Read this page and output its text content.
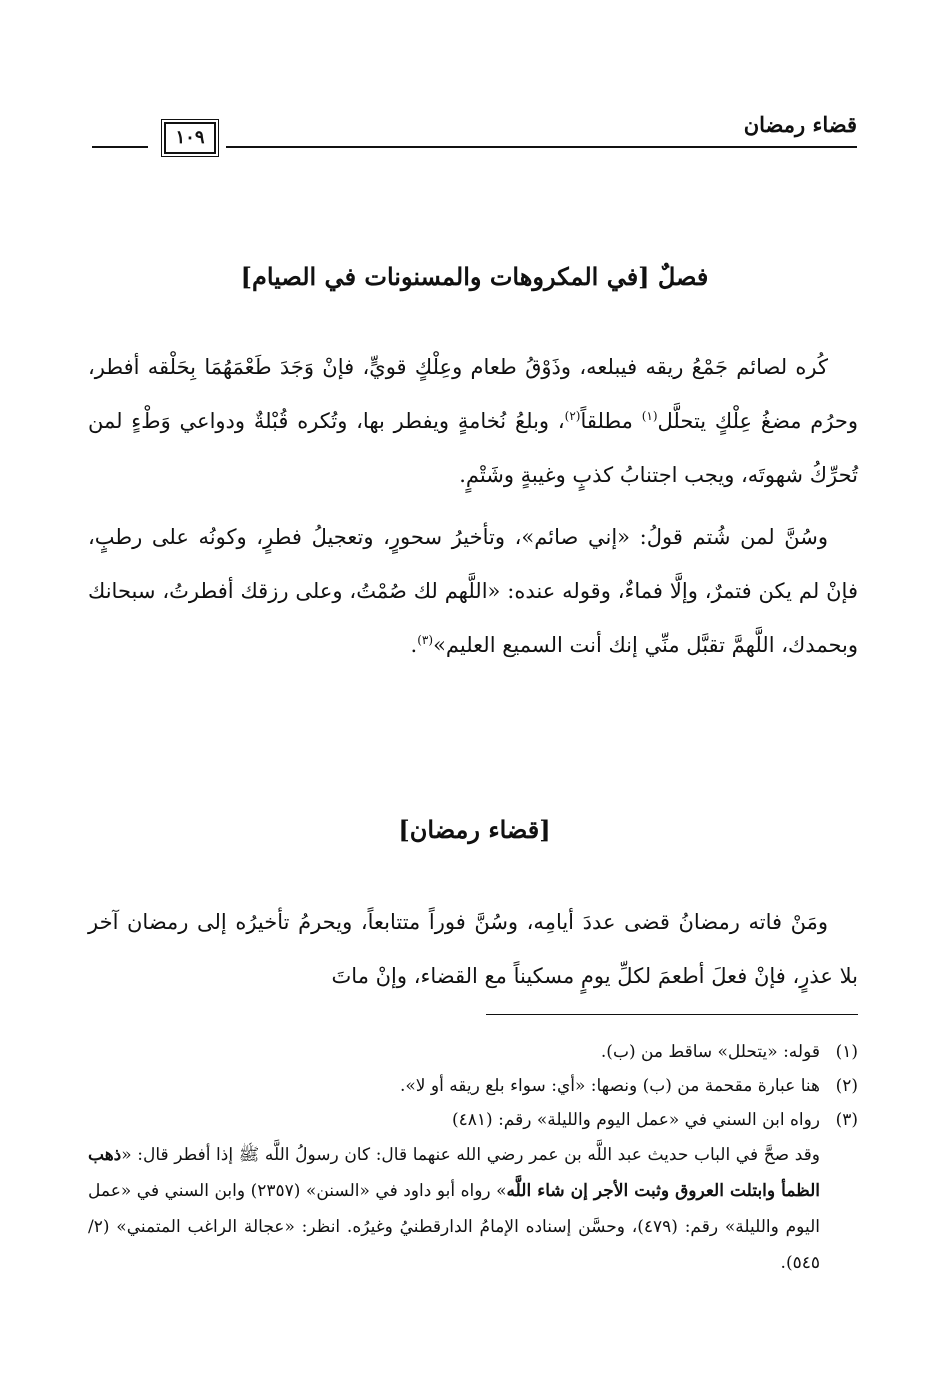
قضاء رمضان
١٠٩
فصلٌ [في المكروهات والمسنونات في الصيام]

كُره لصائم جَمْعُ ريقه فيبلعه، وذَوْقُ طعام وعِلْكٍ قويٍّ، فإنْ وَجَدَ طَعْمَهُمَا بِحَلْقه أفطر، وحرُم مضغُ عِلْكٍ يتحلَّل$^{(١)}$ مطلقاً$^{(٢)}$، وبلعُ نُخامةٍ ويفطر بها، وتُكره قُبْلةٌ ودواعي وَطْءٍ لمن تُحرِّكُ شهوتَه، ويجب اجتنابُ كذبٍ وغيبةٍ وشَتْمٍ.

وسُنَّ لمن شُتم قولُ: «إني صائم»، وتأخيرُ سحورٍ، وتعجيلُ فطرٍ، وكونُه على رطبٍ، فإنْ لم يكن فتمرٌ، وإلَّا فماءٌ، وقوله عنده: «اللَّهم لك صُمْتُ، وعلى رزقك أفطرتُ، سبحانك وبحمدك، اللَّهمَّ تقبَّل منِّي إنك أنت السميع العليم»$^{(٣)}$.

[قضاء رمضان]

ومَنْ فاته رمضانُ قضى عددَ أيامِه، وسُنَّ فوراً متتابعاً، ويحرمُ تأخيرُه إلى رمضان آخر بلا عذرٍ، فإنْ فعلَ أطعمَ لكلِّ يومٍ مسكيناً مع القضاء، وإنْ ماتَ

(١)
قوله: «يتحلل» ساقط من (ب).
(٢)
هنا عبارة مقحمة من (ب) ونصها: «أي: سواء بلع ريقه أو لا».
(٣)
رواه ابن السني في «عمل اليوم والليلة» رقم: (٤٨١)
وقد صحَّ في الباب حديث عبد اللَّه بن عمر رضي الله عنهما قال: كان رسولُ اللَّه ﷺ إذا أفطر قال: «ذهب الظمأ وابتلت العروق وثبت الأجر إن شاء اللَّه» رواه أبو داود في «السنن» (٢٣٥٧) وابن السني في «عمل اليوم والليلة» رقم: (٤٧٩)، وحسَّن إسناده الإمامُ الدارقطنيُ وغيرُه. انظر: «عجالة الراغب المتمني» (٢/ ٥٤٥).
